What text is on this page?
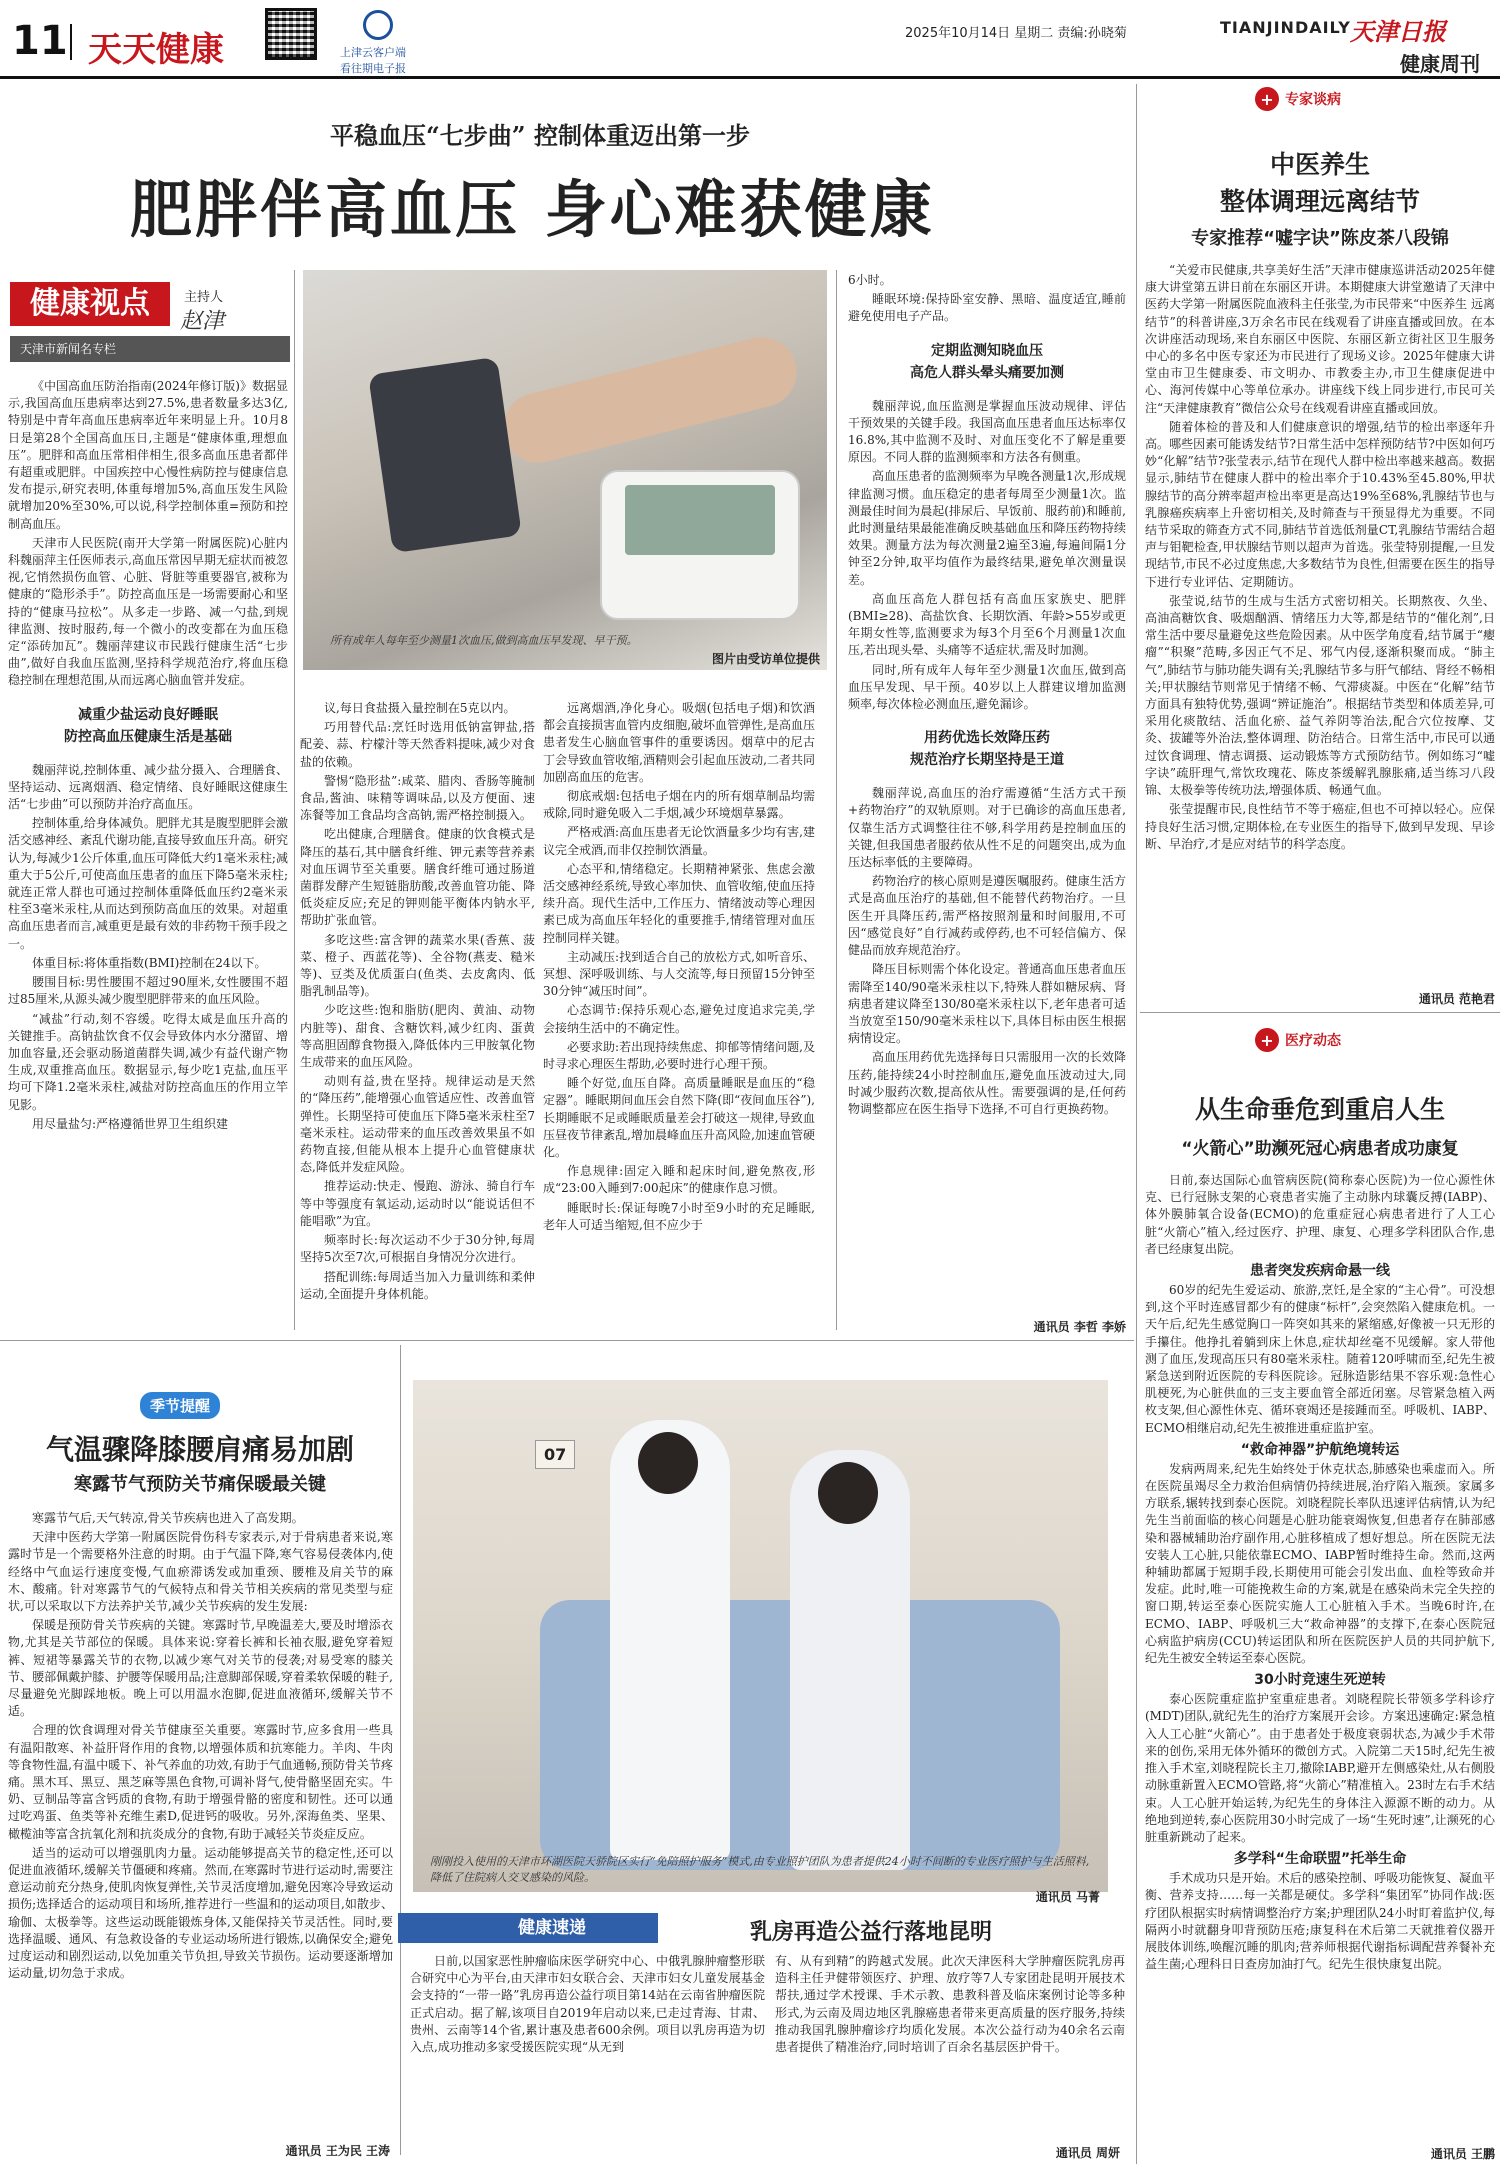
11 天天健康	上津云客户端
看往期电子报
2025年10月14日 星期二 责编:孙晓菊	TIANJINDAILY 天津日报
健康周刊
平稳血压“七步曲” 控制体重迈出第一步
肥胖伴高血压 身心难获健康
健康视点	主持人
赵津
天津市新闻名专栏
所有成年人每年至少测量1次血压,做到高血压早发现、早干预。
图片由受访单位提供

《中国高血压防治指南(2024年修订版)》数据显示,我国高血压患病率达到27.5%,患者数量多达3亿,特别是中青年高血压患病率近年来明显上升。10月8日是第28个全国高血压日,主题是“健康体重,理想血压”。肥胖和高血压常相伴相生,很多高血压患者都伴有超重或肥胖。中国疾控中心慢性病防控与健康信息发布提示,研究表明,体重每增加5%,高血压发生风险就增加20%至30%,可以说,科学控制体重=预防和控制高血压。

天津市人民医院(南开大学第一附属医院)心脏内科魏丽萍主任医师表示,高血压常因早期无症状而被忽视,它悄然损伤血管、心脏、肾脏等重要器官,被称为健康的“隐形杀手”。防控高血压是一场需要耐心和坚持的“健康马拉松”。从多走一步路、减一勺盐,到规律监测、按时服药,每一个微小的改变都在为血压稳定“添砖加瓦”。魏丽萍建议市民践行健康生活“七步曲”,做好自我血压监测,坚持科学规范治疗,将血压稳稳控制在理想范围,从而远离心脑血管并发症。

减重少盐运动良好睡眠
防控高血压健康生活是基础

魏丽萍说,控制体重、减少盐分摄入、合理膳食、坚持运动、远离烟酒、稳定情绪、良好睡眠这健康生活“七步曲”可以预防并治疗高血压。

控制体重,给身体减负。肥胖尤其是腹型肥胖会激活交感神经、紊乱代谢功能,直接导致血压升高。研究认为,每减少1公斤体重,血压可降低大约1毫米汞柱;减重大于5公斤,可使高血压患者的血压下降5毫米汞柱;就连正常人群也可通过控制体重降低血压约2毫米汞柱至3毫米汞柱,从而达到预防高血压的效果。对超重高血压患者而言,减重更是最有效的非药物干预手段之一。

体重目标:将体重指数(BMI)控制在24以下。

腰围目标:男性腰围不超过90厘米,女性腰围不超过85厘米,从源头减少腹型肥胖带来的血压风险。

“减盐”行动,刻不容缓。吃得太咸是血压升高的关键推手。高钠盐饮食不仅会导致体内水分潴留、增加血容量,还会驱动肠道菌群失调,减少有益代谢产物生成,双重推高血压。数据显示,每少吃1克盐,血压平均可下降1.2毫米汞柱,减盐对防控高血压的作用立竿见影。

用尽量盐匀:严格遵循世界卫生组织建

议,每日食盐摄入量控制在5克以内。

巧用替代品:烹饪时选用低钠富钾盐,搭配姜、蒜、柠檬汁等天然香料提味,减少对食盐的依赖。

警惕“隐形盐”:咸菜、腊肉、香肠等腌制食品,酱油、味精等调味品,以及方便面、速冻餐等加工食品均含高钠,需严格控制摄入。

吃出健康,合理膳食。健康的饮食模式是降压的基石,其中膳食纤维、钾元素等营养素对血压调节至关重要。膳食纤维可通过肠道菌群发酵产生短链脂肪酸,改善血管功能、降低炎症反应;充足的钾则能平衡体内钠水平,帮助扩张血管。

多吃这些:富含钾的蔬菜水果(香蕉、菠菜、橙子、西蓝花等)、全谷物(燕麦、糙米等)、豆类及优质蛋白(鱼类、去皮禽肉、低脂乳制品等)。

少吃这些:饱和脂肪(肥肉、黄油、动物内脏等)、甜食、含糖饮料,减少红肉、蛋黄等高胆固醇食物摄入,降低体内三甲胺氧化物生成带来的血压风险。

动则有益,贵在坚持。规律运动是天然的“降压药”,能增强心血管适应性、改善血管弹性。长期坚持可使血压下降5毫米汞柱至7毫米汞柱。运动带来的血压改善效果虽不如药物直接,但能从根本上提升心血管健康状态,降低并发症风险。

推荐运动:快走、慢跑、游泳、骑自行车等中等强度有氧运动,运动时以“能说话但不能唱歌”为宜。

频率时长:每次运动不少于30分钟,每周坚持5次至7次,可根据自身情况分次进行。

搭配训练:每周适当加入力量训练和柔伸运动,全面提升身体机能。

远离烟酒,净化身心。吸烟(包括电子烟)和饮酒都会直接损害血管内皮细胞,破坏血管弹性,是高血压患者发生心脑血管事件的重要诱因。烟草中的尼古丁会导致血管收缩,酒精则会引起血压波动,二者共同加剧高血压的危害。

彻底戒烟:包括电子烟在内的所有烟草制品均需戒除,同时避免吸入二手烟,减少环境烟草暴露。

严格戒酒:高血压患者无论饮酒量多少均有害,建议完全戒酒,而非仅控制饮酒量。

心态平和,情绪稳定。长期精神紧张、焦虑会激活交感神经系统,导致心率加快、血管收缩,使血压持续升高。现代生活中,工作压力、情绪波动等心理因素已成为高血压年轻化的重要推手,情绪管理对血压控制同样关键。

主动减压:找到适合自己的放松方式,如听音乐、冥想、深呼吸训练、与人交流等,每日预留15分钟至30分钟“减压时间”。

心态调节:保持乐观心态,避免过度追求完美,学会接纳生活中的不确定性。

必要求助:若出现持续焦虑、抑郁等情绪问题,及时寻求心理医生帮助,必要时进行心理干预。

睡个好觉,血压自降。高质量睡眠是血压的“稳定器”。睡眠期间血压会自然下降(即“夜间血压谷”),长期睡眠不足或睡眠质量差会打破这一规律,导致血压昼夜节律紊乱,增加晨峰血压升高风险,加速血管硬化。

作息规律:固定入睡和起床时间,避免熬夜,形成“23:00入睡到7:00起床”的健康作息习惯。

睡眠时长:保证每晚7小时至9小时的充足睡眠,老年人可适当缩短,但不应少于

6小时。

睡眠环境:保持卧室安静、黑暗、温度适宜,睡前避免使用电子产品。

定期监测知晓血压
高危人群头晕头痛要加测

魏丽萍说,血压监测是掌握血压波动规律、评估干预效果的关键手段。我国高血压患者血压达标率仅16.8%,其中监测不及时、对血压变化不了解是重要原因。不同人群的监测频率和方法各有侧重。

高血压患者的监测频率为早晚各测量1次,形成规律监测习惯。血压稳定的患者每周至少测量1次。监测最佳时间为晨起(排尿后、早饭前、服药前)和睡前,此时测量结果最能准确反映基础血压和降压药物持续效果。测量方法为每次测量2遍至3遍,每遍间隔1分钟至2分钟,取平均值作为最终结果,避免单次测量误差。

高血压高危人群包括有高血压家族史、肥胖(BMI≥28)、高盐饮食、长期饮酒、年龄>55岁或更年期女性等,监测要求为每3个月至6个月测量1次血压,若出现头晕、头痛等不适症状,需及时加测。

同时,所有成年人每年至少测量1次血压,做到高血压早发现、早干预。40岁以上人群建议增加监测频率,每次体检必测血压,避免漏诊。

用药优选长效降压药
规范治疗长期坚持是王道

魏丽萍说,高血压的治疗需遵循“生活方式干预+药物治疗”的双轨原则。对于已确诊的高血压患者,仅靠生活方式调整往往不够,科学用药是控制血压的关键,但我国患者服药依从性不足的问题突出,成为血压达标率低的主要障碍。

药物治疗的核心原则是遵医嘱服药。健康生活方式是高血压治疗的基础,但不能替代药物治疗。一旦医生开具降压药,需严格按照剂量和时间服用,不可因“感觉良好”自行减药或停药,也不可轻信偏方、保健品而放弃规范治疗。

降压目标则需个体化设定。普通高血压患者血压需降至140/90毫米汞柱以下,特殊人群如糖尿病、肾病患者建议降至130/80毫米汞柱以下,老年患者可适当放宽至150/90毫米汞柱以下,具体目标由医生根据病情设定。

高血压用药优先选择每日只需服用一次的长效降压药,能持续24小时控制血压,避免血压波动过大,同时减少服药次数,提高依从性。需要强调的是,任何药物调整都应在医生指导下选择,不可自行更换药物。

通讯员 李哲 李娇
季节提醒
气温骤降膝腰肩痛易加剧
寒露节气预防关节痛保暖最关键

寒露节气后,天气转凉,骨关节疾病也进入了高发期。

天津中医药大学第一附属医院骨伤科专家表示,对于骨病患者来说,寒露时节是一个需要格外注意的时期。由于气温下降,寒气容易侵袭体内,使经络中气血运行速度变慢,气血瘀滞诱发或加重颈、腰椎及肩关节的麻木、酸痛。针对寒露节气的气候特点和骨关节相关疾病的常见类型与症状,可以采取以下方法养护关节,减少关节疾病的发生发展:

保暖是预防骨关节疾病的关键。寒露时节,早晚温差大,要及时增添衣物,尤其是关节部位的保暖。具体来说:穿着长裤和长袖衣服,避免穿着短裤、短裙等暴露关节的衣物,以减少寒气对关节的侵袭;对易受寒的膝关节、腰部佩戴护膝、护腰等保暖用品;注意脚部保暖,穿着柔软保暖的鞋子,尽量避免光脚踩地板。晚上可以用温水泡脚,促进血液循环,缓解关节不适。

合理的饮食调理对骨关节健康至关重要。寒露时节,应多食用一些具有温阳散寒、补益肝肾作用的食物,以增强体质和抗寒能力。羊肉、牛肉等食物性温,有温中暖下、补气养血的功效,有助于气血通畅,预防骨关节疼痛。黑木耳、黑豆、黑芝麻等黑色食物,可调补肾气,使骨骼坚固充实。牛奶、豆制品等富含钙质的食物,有助于增强骨骼的密度和韧性。还可以通过吃鸡蛋、鱼类等补充维生素D,促进钙的吸收。另外,深海鱼类、坚果、橄榄油等富含抗氧化剂和抗炎成分的食物,有助于减轻关节炎症反应。

适当的运动可以增强肌肉力量。运动能够提高关节的稳定性,还可以促进血液循环,缓解关节僵硬和疼痛。然而,在寒露时节进行运动时,需要注意运动前充分热身,使肌肉恢复弹性,关节灵活度增加,避免因寒冷导致运动损伤;选择适合的运动项目和场所,推荐进行一些温和的运动项目,如散步、瑜伽、太极拳等。这些运动既能锻炼身体,又能保持关节灵活性。同时,要选择温暖、通风、有急救设备的专业运动场所进行锻炼,以确保安全;避免过度运动和剧烈运动,以免加重关节负担,导致关节损伤。运动要逐渐增加运动量,切勿急于求成。

通讯员 王为民 王涛
07
刚刚投入使用的天津市环湖医院天骄院区实行“免陪照护服务”模式,由专业照护团队为患者提供24小时不间断的专业医疗照护与生活照料,降低了住院病人交叉感染的风险。
通讯员 马菁
健康速递	乳房再造公益行落地昆明
日前,以国家恶性肿瘤临床医学研究中心、中俄乳腺肿瘤整形联合研究中心为平台,由天津市妇女联合会、天津市妇女儿童发展基金会支持的“一带一路”乳房再造公益行项目第14站在云南省肿瘤医院正式启动。据了解,该项目自2019年启动以来,已走过青海、甘肃、贵州、云南等14个省,累计惠及患者600余例。项目以乳房再造为切入点,成功推动多家受援医院实现“从无到
有、从有到精”的跨越式发展。此次天津医科大学肿瘤医院乳房再造科主任尹健带领医疗、护理、放疗等7人专家团赴昆明开展技术帮扶,通过学术授课、手术示教、患教科普及临床案例讨论等多种形式,为云南及周边地区乳腺癌患者带来更高质量的医疗服务,持续推动我国乳腺肿瘤诊疗均质化发展。本次公益行动为40余名云南患者提供了精准治疗,同时培训了百余名基层医护骨干。
通讯员 周妍
+ 专家谈病
中医养生
整体调理远离结节
专家推荐“嘘字诀”陈皮茶八段锦

“关爱市民健康,共享美好生活”天津市健康巡讲活动2025年健康大讲堂第五讲日前在东丽区开讲。本期健康大讲堂邀请了天津中医药大学第一附属医院血液科主任张莹,为市民带来“中医养生 远离结节”的科普讲座,3万余名市民在线观看了讲座直播或回放。在本次讲座活动现场,来自东丽区中医院、东丽区新立街社区卫生服务中心的多名中医专家还为市民进行了现场义诊。2025年健康大讲堂由市卫生健康委、市文明办、市教委主办,市卫生健康促进中心、海河传媒中心等单位承办。讲座线下线上同步进行,市民可关注“天津健康教育”微信公众号在线观看讲座直播或回放。

随着体检的普及和人们健康意识的增强,结节的检出率逐年升高。哪些因素可能诱发结节?日常生活中怎样预防结节?中医如何巧妙“化解”结节?张莹表示,结节在现代人群中检出率越来越高。数据显示,肺结节在健康人群中的检出率介于10.43%至45.80%,甲状腺结节的高分辨率超声检出率更是高达19%至68%,乳腺结节也与乳腺癌疾病率上升密切相关,及时筛查与干预显得尤为重要。不同结节采取的筛查方式不同,肺结节首选低剂量CT,乳腺结节需结合超声与钼靶检查,甲状腺结节则以超声为首选。张莹特别提醒,一旦发现结节,市民不必过度焦虑,大多数结节为良性,但需要在医生的指导下进行专业评估、定期随访。

张莹说,结节的生成与生活方式密切相关。长期熬夜、久坐、高油高糖饮食、吸烟酗酒、情绪压力大等,都是结节的“催化剂”,日常生活中要尽量避免这些危险因素。从中医学角度看,结节属于“瘿瘤”“积聚”范畴,多因正气不足、邪气内侵,逐渐积聚而成。“肺主气”,肺结节与肺功能失调有关;乳腺结节多与肝气郁结、肾经不畅相关;甲状腺结节则常见于情绪不畅、气滞痰凝。中医在“化解”结节方面具有独特优势,强调“辨证施治”。根据结节类型和体质差异,可采用化痰散结、活血化瘀、益气养阴等治法,配合穴位按摩、艾灸、拔罐等外治法,整体调理、防治结合。日常生活中,市民可以通过饮食调理、情志调摄、运动锻炼等方式预防结节。例如练习“嘘字诀”疏肝理气,常饮玫瑰花、陈皮茶缓解乳腺胀痛,适当练习八段锦、太极拳等传统功法,增强体质、畅通气血。

张莹提醒市民,良性结节不等于癌症,但也不可掉以轻心。应保持良好生活习惯,定期体检,在专业医生的指导下,做到早发现、早诊断、早治疗,才是应对结节的科学态度。

通讯员 范艳君
+ 医疗动态
从生命垂危到重启人生
“火箭心”助濒死冠心病患者成功康复

日前,泰达国际心血管病医院(简称泰心医院)为一位心源性休克、已行冠脉支架的心衰患者实施了主动脉内球囊反搏(IABP)、体外膜肺氧合设备(ECMO)的危重症冠心病患者进行了人工心脏“火箭心”植入,经过医疗、护理、康复、心理多学科团队合作,患者已经康复出院。

患者突发疾病命悬一线

60岁的纪先生爱运动、旅游,烹饪,是全家的“主心骨”。可没想到,这个平时连感冒都少有的健康“标杆”,会突然陷入健康危机。一天午后,纪先生感觉胸口一阵突如其来的紧缩感,好像被一只无形的手攥住。他挣扎着躺到床上休息,症状却丝毫不见缓解。家人带他测了血压,发现高压只有80毫米汞柱。随着120呼啸而至,纪先生被紧急送到附近医院的专科医院诊。冠脉造影结果不容乐观:急性心肌梗死,为心脏供血的三支主要血管全部近闭塞。尽管紧急植入两枚支架,但心源性休克、循环衰竭还是接踵而至。呼吸机、IABP、ECMO相继启动,纪先生被推进重症监护室。

“救命神器”护航绝境转运

发病两周来,纪先生始终处于休克状态,肺感染也乘虚而入。所在医院虽竭尽全力救治但病情仍持续进展,治疗陷入瓶颈。家属多方联系,辗转找到泰心医院。刘晓程院长率队迅速评估病情,认为纪先生当前面临的核心问题是心脏功能衰竭恢复,但患者存在肺部感染和器械辅助治疗副作用,心脏移植成了想好想总。所在医院无法安装人工心脏,只能依靠ECMO、IABP暂时维持生命。然而,这两种辅助都属于短期手段,长期使用可能会引发出血、血栓等致命并发症。此时,唯一可能挽救生命的方案,就是在感染尚未完全失控的窗口期,转运至泰心医院实施人工心脏植入手术。当晚6时许,在ECMO、IABP、呼吸机三大“救命神器”的支撑下,在泰心医院冠心病监护病房(CCU)转运团队和所在医院医护人员的共同护航下,纪先生被安全转运至泰心医院。

30小时竞速生死逆转

泰心医院重症监护室重症患者。刘晓程院长带领多学科诊疗(MDT)团队,就纪先生的治疗方案展开会诊。方案迅速确定:紧急植入人工心脏“火箭心”。由于患者处于极度衰弱状态,为减少手术带来的创伤,采用无体外循环的微创方式。入院第二天15时,纪先生被推入手术室,刘晓程院长主刀,撤除IABP,避开左侧感染灶,从右侧股动脉重新置入ECMO管路,将“火箭心”精准植入。23时左右手术结束。人工心脏开始运转,为纪先生的身体注入源源不断的动力。从绝地到逆转,泰心医院用30小时完成了一场“生死时速”,让濒死的心脏重新跳动了起来。

多学科“生命联盟”托举生命

手术成功只是开始。术后的感染控制、呼吸功能恢复、凝血平衡、营养支持……每一关都是硬仗。多学科“集团军”协同作战:医疗团队根据实时病情调整治疗方案;护理团队24小时盯着监护仪,每隔两小时就翻身叩背预防压疮;康复科在术后第二天就推着仪器开展肢体训练,唤醒沉睡的肌肉;营养师根据代谢指标调配营养餐补充益生菌;心理科日日查房加油打气。纪先生很快康复出院。

通讯员 王鹏
